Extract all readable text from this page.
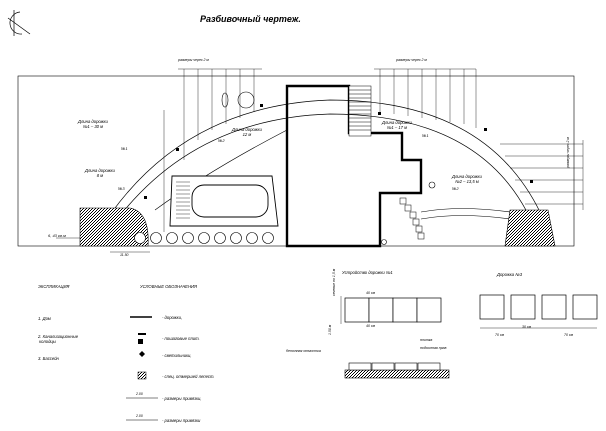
Разбивочный чертеж.
размеры через 2 м	размеры через 2 м
размеры через 2 м
Длина дорожки
№1 – 30 м
Длина дорожки
12 м
Длина дорожки
№1 – 17 м
Длина дорожки
№2 – 13,5 м
Длина дорожки
8 м
№1
№3
№2
№1
№2
6, 43 кв.м
11.50
ЭКСПЛИКАЦИЯ
1. Дом
2. Канализационные
колодцы
3. Бассейн
УСЛОВНЫЕ ОБОЗНАЧЕНИЯ
- дорожки,
- пошаговые плит.
- светильники,
- спец. отмершей лепест.
- размеры привязки,
- размеры привязки
2.00
2.00
Устройство дорожки №1
40 см
40 см
1.50 м
сечение по 1,5 м
бетонная отмостка
плитка
подсыпная прав
Дорожка №3
70 см
30 см
70 см
